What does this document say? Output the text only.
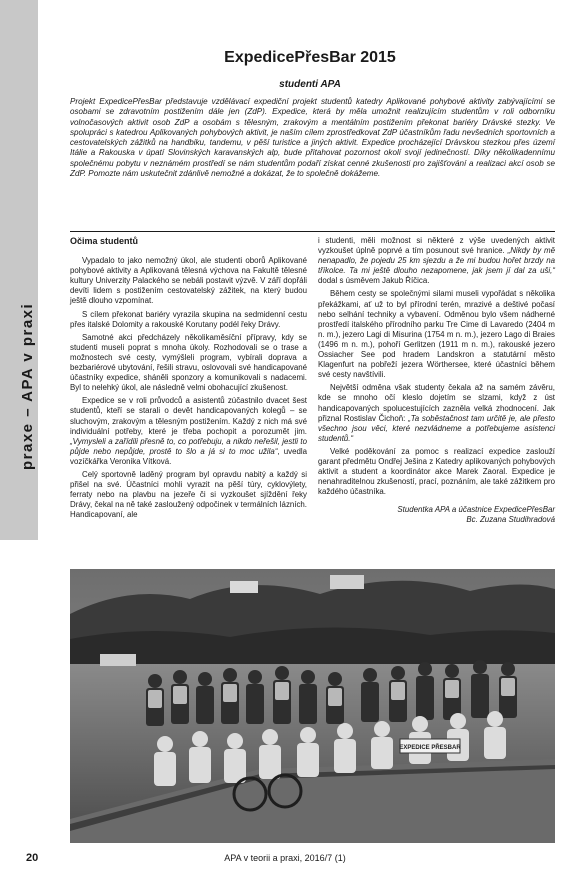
praxe – APA v praxi
ExpedicePřesBar 2015
studenti APA

Projekt ExpedicePřesBar představuje vzdělávací expediční projekt studentů katedry Aplikované pohybové aktivity zabývajícími se osobami se zdravotním postižením dále jen (ZdP). Expedice, která by měla umožnit realizujícím studentům v roli odborníku volnočasových aktivit osob ZdP a osobám s tělesným, zrakovým a mentálním postižením překonat bariéry Drávské stezky. Ve spolupráci s katedrou Aplikovaných pohybových aktivit, je naším cílem zprostředkovat ZdP účastníkům řadu nevšedních sportovních a cestovatelských zážitků na handbiku, tandemu, v pěší turistice a jiných aktivit. Expedice procházející Drávskou stezkou přes území Itálie a Rakouska v úpatí Slovinských karavanských alp, bude přitahovat pozornost okolí svojí jedinečností. Díky několikadennímu společnému pobytu v neznámém prostředí se nám studentům podaří získat cenné zkušenosti pro zajišťování a realizaci akcí osob se ZdP. Pomozte nám uskutečnit zdánlivě nemožné a dokázat, že to společně dokážeme.

Očima studentů

Vypadalo to jako nemožný úkol, ale studenti oborů Aplikované pohybové aktivity a Aplikovaná tělesná výchova na Fakultě tělesné kultury Univerzity Palackého se nebáli postavit výzvě. V září dopřáli devíti lidem s postižením cestovatelský zážitek, na který budou ještě dlouho vzpomínat.

S cílem překonat bariéry vyrazila skupina na sedmidenní cestu přes italské Dolomity a rakouské Korutany podél řeky Drávy.

Samotné akci předcházely několikaměsíční přípravy, kdy se studenti museli poprat s mnoha úkoly. Rozhodovali se o trase a možnostech své cesty, vymýšleli program, vybírali doprava a bezbariérové ubytování, řešili stravu, oslovovali své handicapované účastníky expedice, sháněli sponzory a komunikovali s nadacemi. Byl to nelehký úkol, ale následně velmi obohacující zkušenost.

Expedice se v roli průvodců a asistentů zúčastnilo dvacet šest studentů, kteří se starali o devět handicapovaných kolegů – se sluchovým, zrakovým a tělesným postižením. Každý z nich má své individuální potřeby, které je třeba pochopit a porozumět jim. „Vymysleli a zařídili přesně to, co potřebuju, a nikdo neřešil, jestli to půjde nebo nepůjde, prostě to šlo a já si to moc užila“, uvedla vozíčkářka Veronika Vítková.

Celý sportovně laděný program byl opravdu nabitý a každý si přišel na své. Účastníci mohli vyrazit na pěší túry, cyklovýlety, ferraty nebo na plavbu na jezeře či si vyzkoušet sjíždění řeky Drávy, čekal na ně také zasloužený odpočinek v termálních lázních. Handicapovaní, ale

i studenti, měli možnost si některé z výše uvedených aktivit vyzkoušet úplně poprvé a tím posunout své hranice. „Nikdy by mě nenapadlo, že pojedu 25 km sjezdu a že mi budou hořet brzdy na tříkolce. Ta mi ještě dlouho nezapomene, jak jsem jí dal za uši,“ dodal s úsměvem Jakub Říčica.

Během cesty se společnými silami museli vypořádat s několika překážkami, ať už to byl přírodní terén, mrazivé a deštivé počasí nebo selhání techniky a vybavení. Odměnou bylo všem nádherné prostředí italského přírodního parku Tre Cime di Lavaredo (2404 m n. m.), jezero Lagi di Misurina (1754 m n. m.), jezero Lago di Braies (1496 m n. m.), pohoří Gerlitzen (1911 m n. m.), rakouské jezero Ossiacher See pod hradem Landskron a statutární město Klagenfurt na pobřeží jezera Wörthersee, které účastníci během své cesty navštívili.

Největší odměna však studenty čekala až na samém závěru, kde se mnoho očí kleslo dojetím se slzami, když z úst handicapovaných spolucestujících zazněla velká zhodnocení. Jak přiznal Rostislav Čichoň: „Ta soběstačnost tam určitě je, ale přesto všechno jsou věci, které nezvládneme a potřebujeme asistenci studentů.“

Velké poděkování za pomoc s realizací expedice zaslouží garant předmětu Ondřej Ješina z Katedry aplikovaných pohybových aktivit a student a koordinátor akce Marek Zaoral. Expedice je nenahraditelnou zkušeností, prací, poznáním, ale také zážitkem pro každého účastníka.

Studentka APA a účastnice ExpedicePřesBar
Bc. Zuzana Studihradová
EXPEDICE PŘESBAR
20	APA v teorii a praxi, 2016/7 (1)
